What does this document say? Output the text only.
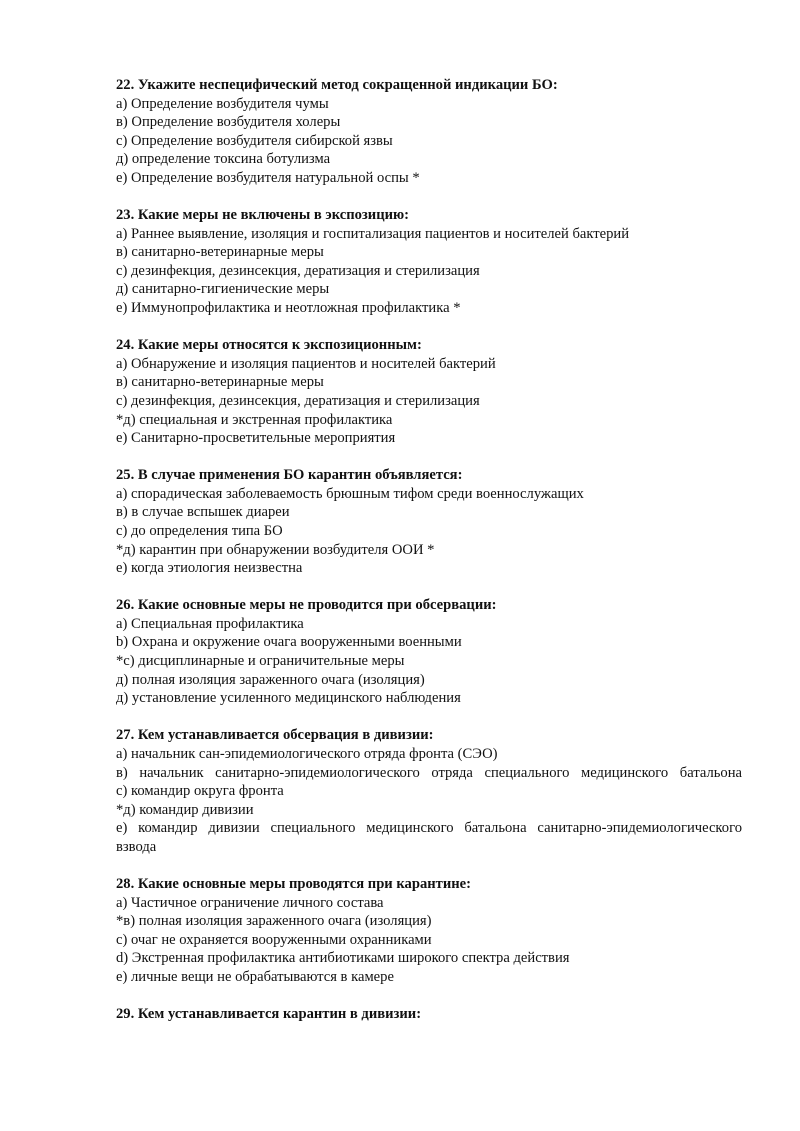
22. Укажите неспецифический метод сокращенной индикации БО:

а) Определение возбудителя чумы

в) Определение возбудителя холеры

с) Определение возбудителя сибирской язвы

д) определение токсина ботулизма

е) Определение возбудителя натуральной оспы *

23. Какие меры не включены в экспозицию:

а) Раннее выявление, изоляция и госпитализация пациентов и носителей бактерий

в) санитарно-ветеринарные меры

с) дезинфекция, дезинсекция, дератизация и стерилизация

д) санитарно-гигиенические меры

е) Иммунопрофилактика и неотложная профилактика *

24. Какие меры относятся к экспозиционным:

а) Обнаружение и изоляция пациентов и носителей бактерий

в) санитарно-ветеринарные меры

с) дезинфекция, дезинсекция, дератизация и стерилизация

*д) специальная и экстренная профилактика

е) Санитарно-просветительные мероприятия

25. В случае применения БО карантин объявляется:

а) спорадическая заболеваемость брюшным тифом среди военнослужащих

в) в случае вспышек диареи

с) до определения типа БО

*д) карантин при обнаружении возбудителя ООИ *

е) когда этиология неизвестна

26. Какие основные меры не проводится при обсервации:

а) Специальная профилактика

b) Охрана и окружение очага вооруженными военными

*c) дисциплинарные и ограничительные меры

д) полная изоляция зараженного очага (изоляция)

д) установление усиленного медицинского наблюдения

27. Кем устанавливается обсервация в дивизии:

а) начальник сан-эпидемиологического отряда фронта (СЭО)

в) начальник санитарно-эпидемиологического отряда специального медицинского батальона

с) командир округа фронта

*д) командир дивизии

е) командир дивизии специального медицинского батальона санитарно-эпидемиологического взвода

28. Какие основные меры проводятся при карантине:

а) Частичное ограничение личного состава

*в) полная изоляция зараженного очага (изоляция)

с) очаг не охраняется вооруженными охранниками

d) Экстренная профилактика антибиотиками широкого спектра действия

е) личные вещи не обрабатываются в камере

29. Кем устанавливается карантин в дивизии:
